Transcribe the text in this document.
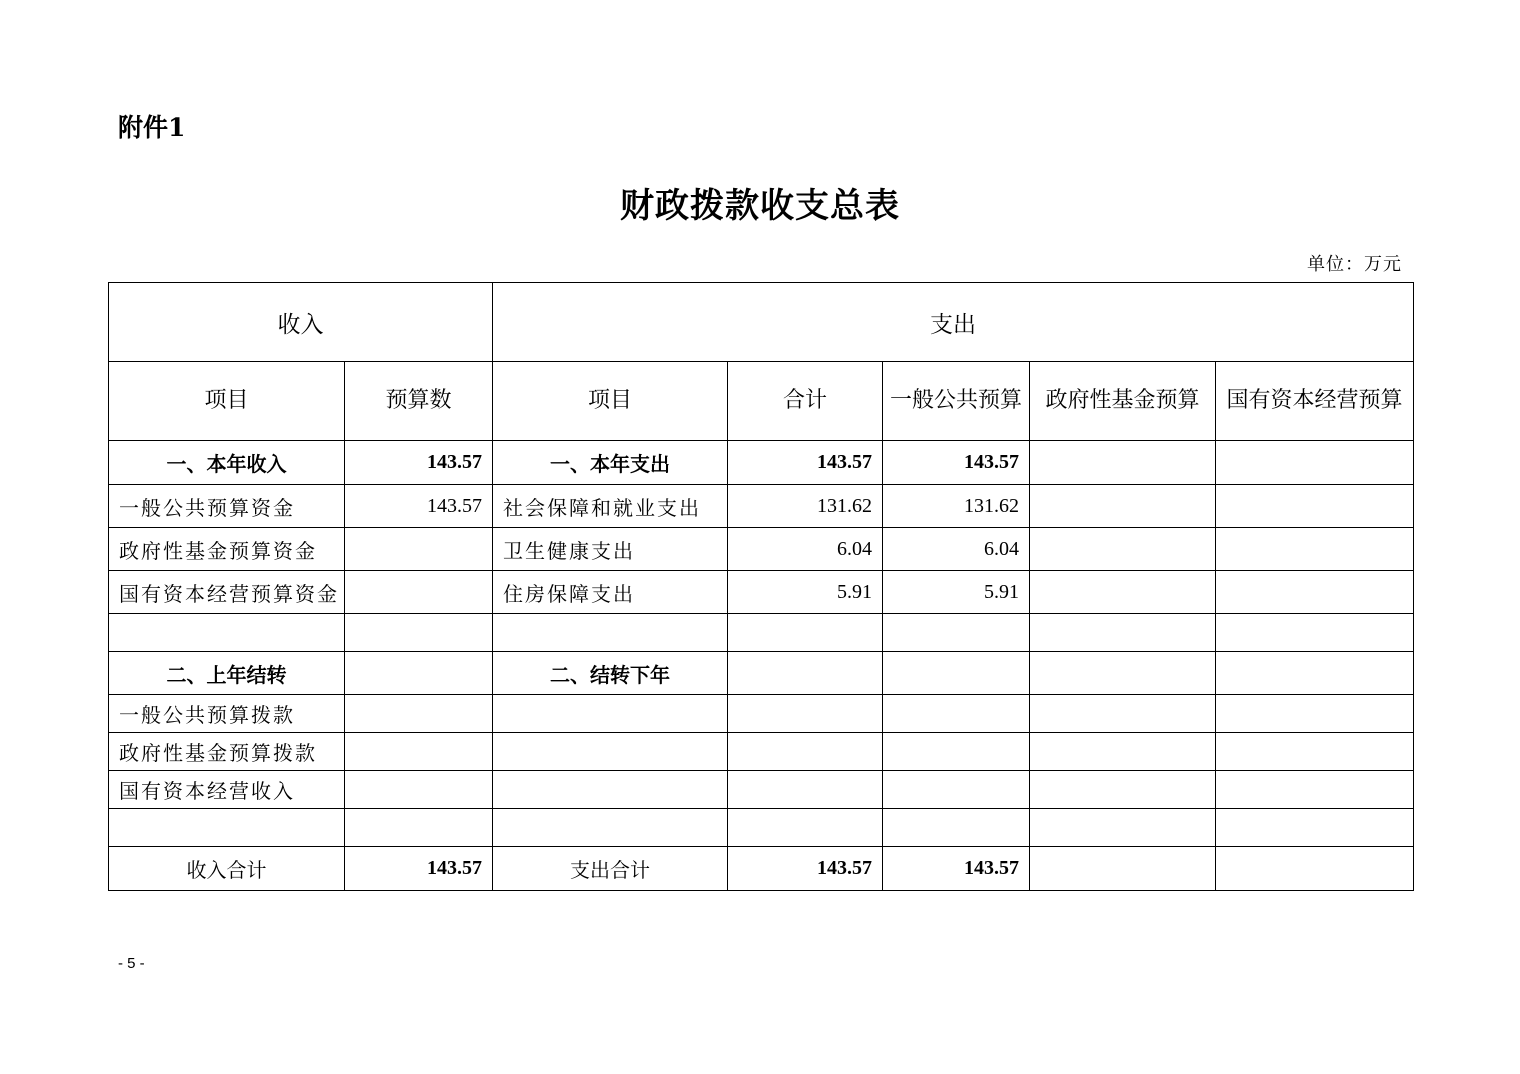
附件1
财政拨款收支总表
单位：万元
收入		支出				
项目	预算数	项目	合计	一般公共预算	政府性基金预算	国有资本经营预算
一、本年收入	143.57	一、本年支出	143.57	143.57		
一般公共预算资金	143.57	社会保障和就业支出	131.62	131.62		
政府性基金预算资金		卫生健康支出	6.04	6.04		
国有资本经营预算资金		住房保障支出	5.91	5.91		

二、上年结转		二、结转下年				
一般公共预算拨款						
政府性基金预算拨款						
国有资本经营收入						

收入合计	143.57	支出合计	143.57	143.57		
- 5 -
